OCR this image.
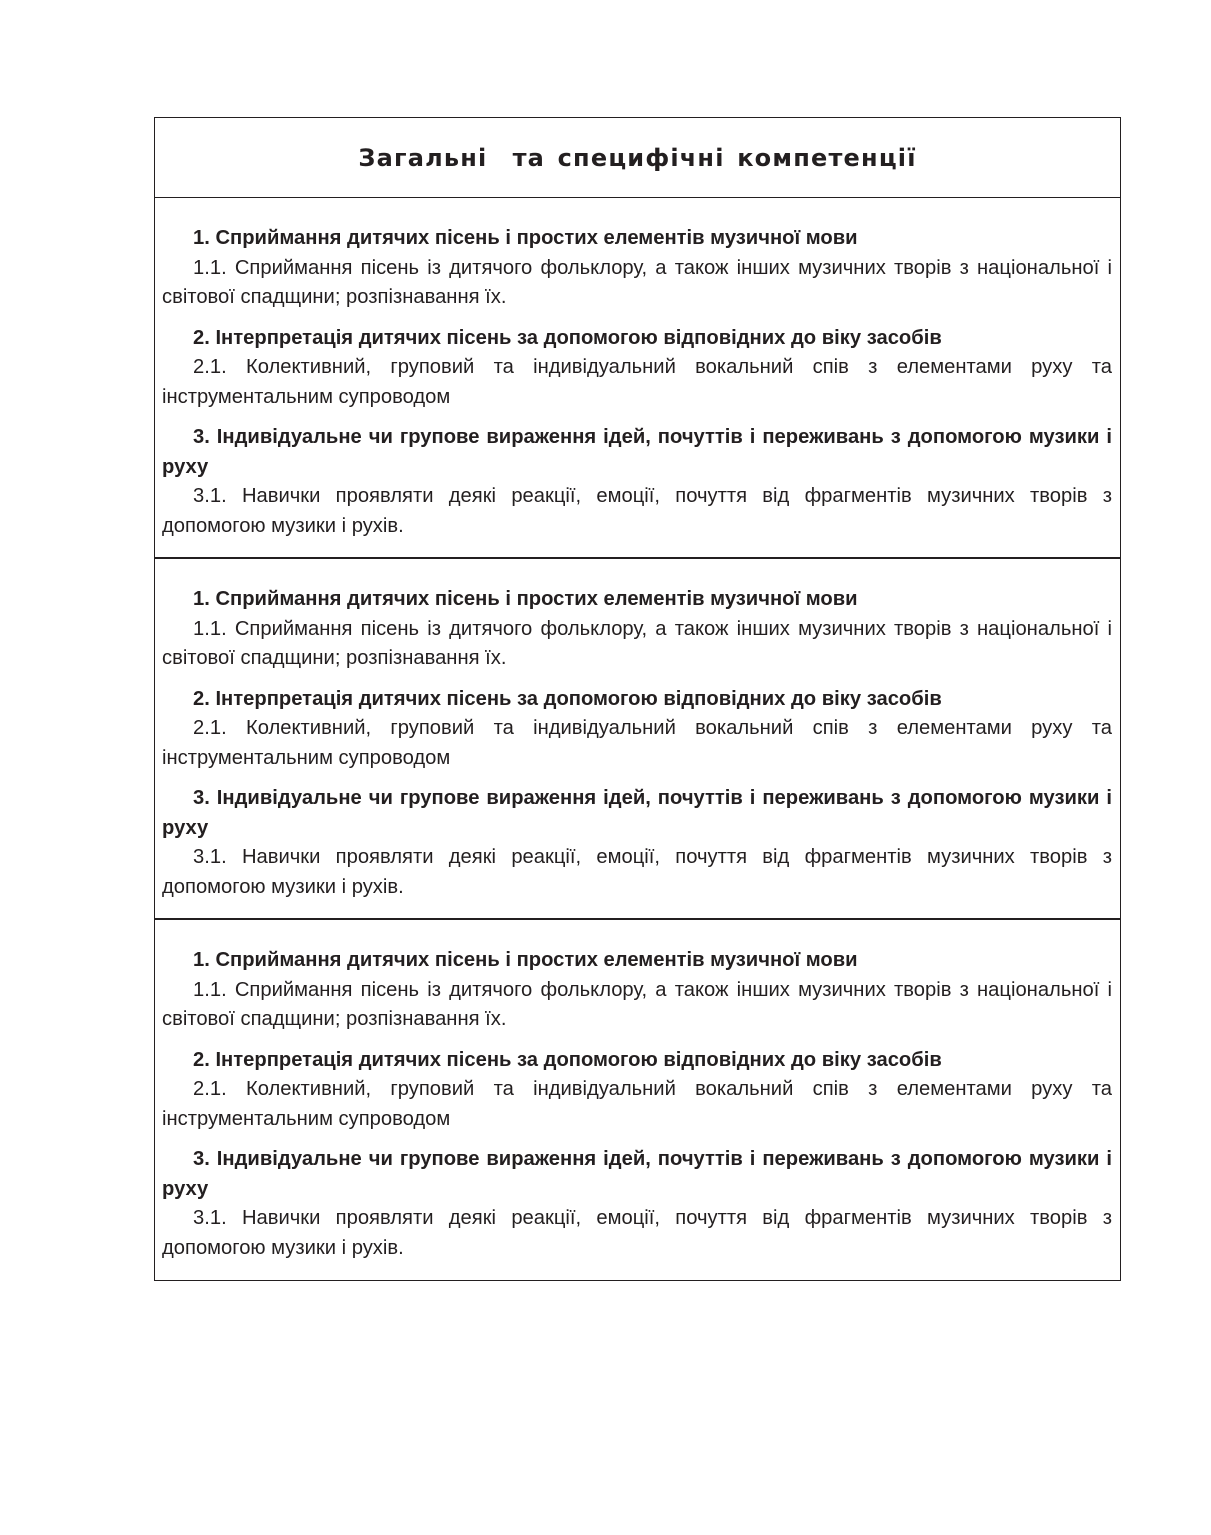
Загальні  та специфічні компетенції

1. Сприймання дитячих пісень і простих елементів музичної мови

1.1. Сприймання пісень із дитячого фольклору, а також інших музичних творів з національної і світової спадщини; розпізнавання їх.

2. Інтерпретація дитячих пісень за допомогою відповідних до віку засобів

2.1. Колективний, груповий та індивідуальний вокальний спів з елементами руху та інструментальним супроводом

3. Індивідуальне чи групове вираження ідей, почуттів і переживань з допомогою музики і руху

3.1. Навички проявляти деякі реакції, емоції, почуття від фрагментів музичних творів з допомогою музики і рухів.

1. Сприймання дитячих пісень і простих елементів музичної мови

1.1. Сприймання пісень із дитячого фольклору, а також інших музичних творів з національної і світової спадщини; розпізнавання їх.

2. Інтерпретація дитячих пісень за допомогою відповідних до віку засобів

2.1. Колективний, груповий та індивідуальний вокальний спів з елементами руху та інструментальним супроводом

3. Індивідуальне чи групове вираження ідей, почуттів і переживань з допомогою музики і руху

3.1. Навички проявляти деякі реакції, емоції, почуття від фрагментів музичних творів з допомогою музики і рухів.

1. Сприймання дитячих пісень і простих елементів музичної мови

1.1. Сприймання пісень із дитячого фольклору, а також інших музичних творів з національної і світової спадщини; розпізнавання їх.

2. Інтерпретація дитячих пісень за допомогою відповідних до віку засобів

2.1. Колективний, груповий та індивідуальний вокальний спів з елементами руху та інструментальним супроводом

3. Індивідуальне чи групове вираження ідей, почуттів і переживань з допомогою музики і руху

3.1. Навички проявляти деякі реакції, емоції, почуття від фрагментів музичних творів з допомогою музики і рухів.
